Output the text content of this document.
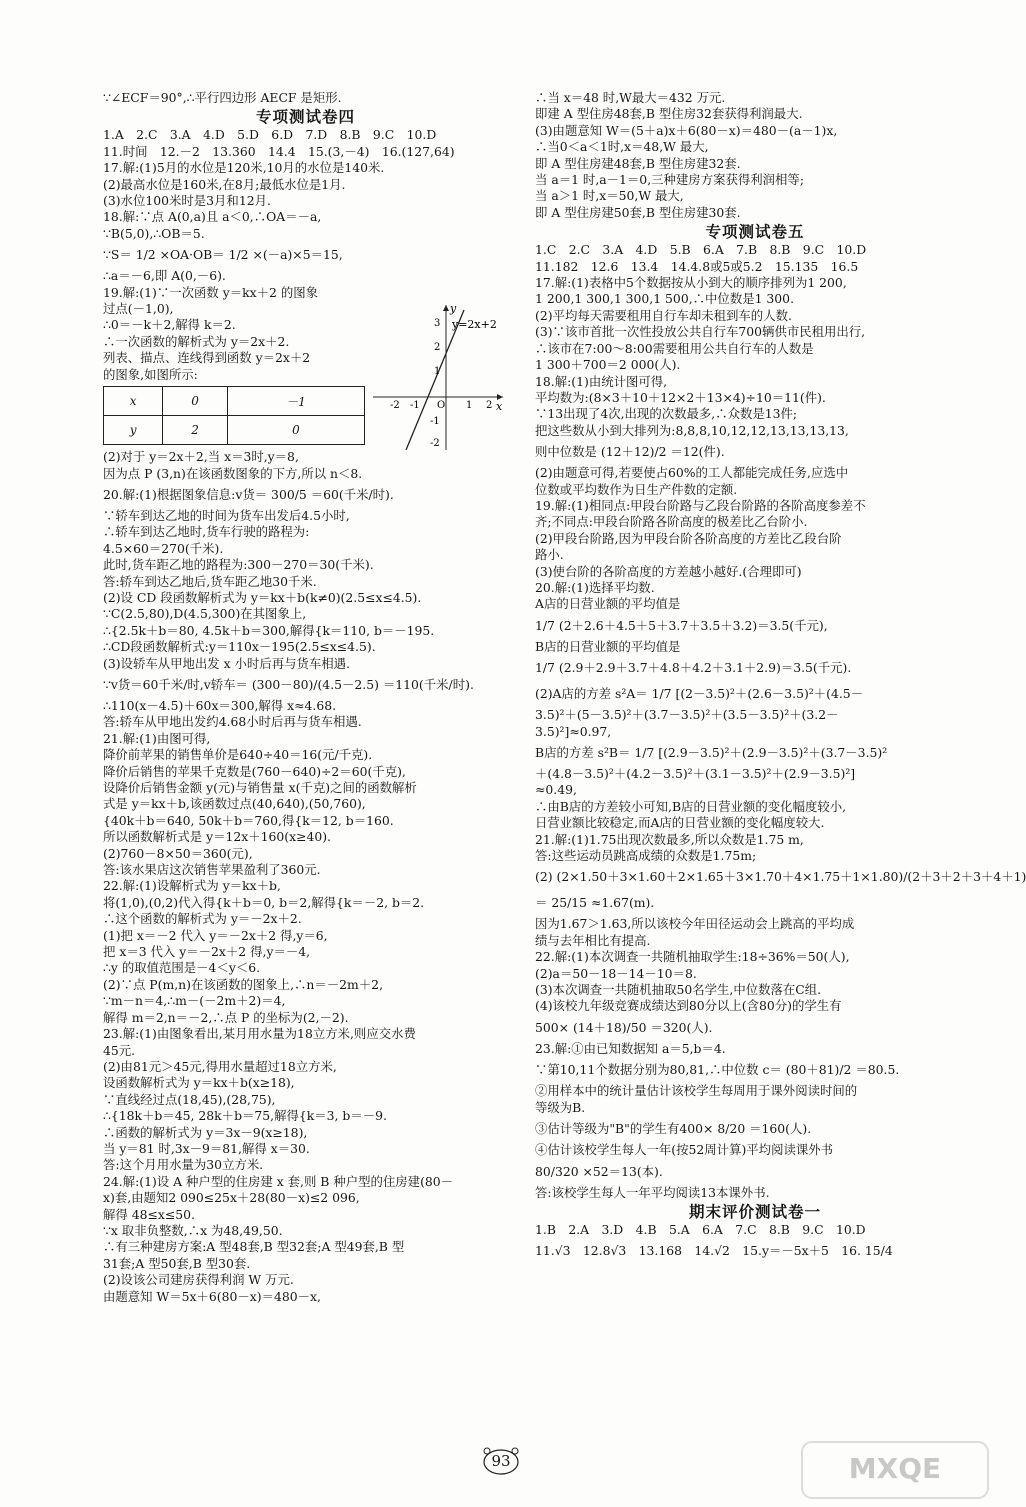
∵∠ECF＝90°,∴平行四边形 AECF 是矩形.
专项测试卷四
1.A　2.C　3.A　4.D　5.D　6.D　7.D　8.B　9.C　10.D
11.时间　12.－2　13.360　14.4　15.(3,－4)　16.(127,64)
17.解:(1)5月的水位是120米,10月的水位是140米.
(2)最高水位是160米,在8月;最低水位是1月.
(3)水位100米时是3月和12月.
18.解:∵点 A(0,a)且 a＜0,∴OA＝－a,
∵B(5,0),∴OB＝5.
∵S＝ 1/2 ×OA·OB＝ 1/2 ×(－a)×5＝15,
∴a＝－6,即 A(0,－6).
19.解:(1)∵一次函数 y＝kx＋2 的图象
过点(－1,0),
∴0＝－k＋2,解得 k＝2.
∴一次函数的解析式为 y＝2x＋2.
列表、描点、连线得到函数 y＝2x＋2
的图象,如图所示:
x	0	－1
y	2	0
(2)对于 y＝2x＋2,当 x＝3时,y＝8,
因为点 P (3,n)在该函数图象的下方,所以 n＜8.
20.解:(1)根据图象信息:v货＝ 300/5 ＝60(千米/时).
∵轿车到达乙地的时间为货车出发后4.5小时,
∴轿车到达乙地时,货车行驶的路程为:
4.5×60＝270(千米).
此时,货车距乙地的路程为:300－270＝30(千米).
答:轿车到达乙地后,货车距乙地30千米.
(2)设 CD 段函数解析式为 y＝kx＋b(k≠0)(2.5≤x≤4.5).
∵C(2.5,80),D(4.5,300)在其图象上,
∴{2.5k＋b＝80, 4.5k＋b＝300,解得{k＝110, b＝－195.
∴CD段函数解析式:y＝110x－195(2.5≤x≤4.5).
(3)设轿车从甲地出发 x 小时后再与货车相遇.
∵v货＝60千米/时,v轿车＝ (300－80)/(4.5－2.5) ＝110(千米/时).
∴110(x－4.5)＋60x＝300,解得 x≈4.68.
答:轿车从甲地出发约4.68小时后再与货车相遇.
21.解:(1)由图可得,
降价前苹果的销售单价是640÷40＝16(元/千克).
降价后销售的苹果千克数是(760－640)÷2＝60(千克),
设降价后销售金额 y(元)与销售量 x(千克)之间的函数解析
式是 y＝kx＋b,该函数过点(40,640),(50,760),
{40k＋b＝640, 50k＋b＝760,得{k＝12, b＝160.
所以函数解析式是 y＝12x＋160(x≥40).
(2)760－8×50＝360(元),
答:该水果店这次销售苹果盈利了360元.
22.解:(1)设解析式为 y＝kx＋b,
将(1,0),(0,2)代入得{k＋b＝0, b＝2,解得{k＝－2, b＝2.
∴这个函数的解析式为 y＝－2x＋2.
(1)把 x＝－2 代入 y＝－2x＋2 得,y＝6,
把 x＝3 代入 y＝－2x＋2 得,y＝－4,
∴y 的取值范围是－4＜y＜6.
(2)∵点 P(m,n)在该函数的图象上,∴n＝－2m＋2,
∵m－n＝4,∴m－(－2m＋2)＝4,
解得 m＝2,n＝－2,∴点 P 的坐标为(2,－2).
23.解:(1)由图象看出,某月用水量为18立方米,则应交水费
45元.
(2)由81元＞45元,得用水量超过18立方米,
设函数解析式为 y＝kx＋b(x≥18),
∵直线经过点(18,45),(28,75),
∴{18k＋b＝45, 28k＋b＝75,解得{k＝3, b＝－9.
∴函数的解析式为 y＝3x－9(x≥18),
当 y＝81 时,3x－9＝81,解得 x＝30.
答:这个月用水量为30立方米.
24.解:(1)设 A 种户型的住房建 x 套,则 B 种户型的住房建(80－
x)套,由题知2 090≤25x＋28(80－x)≤2 096,
解得 48≤x≤50.
∵x 取非负整数,∴x 为48,49,50.
∴有三种建房方案:A 型48套,B 型32套;A 型49套,B 型
31套;A 型50套,B 型30套.
(2)设该公司建房获得利润 W 万元.
由题意知 W＝5x＋6(80－x)＝480－x,
∴当 x＝48 时,W最大＝432 万元.
即建 A 型住房48套,B 型住房32套获得利润最大.
(3)由题意知 W＝(5＋a)x＋6(80－x)＝480－(a－1)x,
∴当0＜a＜1时,x＝48,W 最大,
即 A 型住房建48套,B 型住房建32套.
当 a＝1 时,a－1＝0,三种建房方案获得利润相等;
当 a＞1 时,x＝50,W 最大,
即 A 型住房建50套,B 型住房建30套.
专项测试卷五
1.C　2.C　3.A　4.D　5.B　6.A　7.B　8.B　9.C　10.D
11.182　12.6　13.4　14.4.8或5或5.2　15.135　16.5
17.解:(1)表格中5个数据按从小到大的顺序排列为1 200,
1 200,1 300,1 300,1 500,∴中位数是1 300.
(2)平均每天需要租用自行车却未租到车的人数.
(3)∵该市首批一次性投放公共自行车700辆供市民租用出行,
∴该市在7:00～8:00需要租用公共自行车的人数是
1 300＋700＝2 000(人).
18.解:(1)由统计图可得,
平均数为:(8×3＋10＋12×2＋13×4)÷10＝11(件).
∵13出现了4次,出现的次数最多,∴众数是13件;
把这些数从小到大排列为:8,8,8,10,12,12,13,13,13,13,
则中位数是 (12＋12)/2 ＝12(件).
(2)由题意可得,若要使占60%的工人都能完成任务,应选中
位数或平均数作为日生产件数的定额.
19.解:(1)相同点:甲段台阶路与乙段台阶路的各阶高度参差不
齐;不同点:甲段台阶路各阶高度的极差比乙台阶小.
(2)甲段台阶路,因为甲段台阶各阶高度的方差比乙段台阶
路小.
(3)使台阶的各阶高度的方差越小越好.(合理即可)
20.解:(1)选择平均数.
A店的日营业额的平均值是
1/7 (2＋2.6＋4.5＋5＋3.7＋3.5＋3.2)＝3.5(千元),
B店的日营业额的平均值是
1/7 (2.9＋2.9＋3.7＋4.8＋4.2＋3.1＋2.9)＝3.5(千元).
(2)A店的方差 s²A＝ 1/7 [(2－3.5)²＋(2.6－3.5)²＋(4.5－
3.5)²＋(5－3.5)²＋(3.7－3.5)²＋(3.5－3.5)²＋(3.2－
3.5)²]≈0.97,
B店的方差 s²B＝ 1/7 [(2.9－3.5)²＋(2.9－3.5)²＋(3.7－3.5)²
＋(4.8－3.5)²＋(4.2－3.5)²＋(3.1－3.5)²＋(2.9－3.5)²]
≈0.49,
∴由B店的方差较小可知,B店的日营业额的变化幅度较小,
日营业额比较稳定,而A店的日营业额的变化幅度较大.
21.解:(1)1.75出现次数最多,所以众数是1.75 m,
答:这些运动员跳高成绩的众数是1.75m;
(2) (2×1.50＋3×1.60＋2×1.65＋3×1.70＋4×1.75＋1×1.80)/(2＋3＋2＋3＋4＋1)
＝ 25/15 ≈1.67(m).
因为1.67＞1.63,所以该校今年田径运动会上跳高的平均成
绩与去年相比有提高.
22.解:(1)本次调查一共随机抽取学生:18÷36%＝50(人),
(2)a＝50－18－14－10＝8.
(3)本次调查一共随机抽取50名学生,中位数落在C组.
(4)该校九年级竞赛成绩达到80分以上(含80分)的学生有
500× (14＋18)/50 ＝320(人).
23.解:①由已知数据知 a＝5,b＝4.
∵第10,11个数据分别为80,81,∴中位数 c＝ (80＋81)/2 ＝80.5.
②用样本中的统计量估计该校学生每周用于课外阅读时间的
等级为B.
③估计等级为"B"的学生有400× 8/20 ＝160(人).
④估计该校学生每人一年(按52周计算)平均阅读课外书
80/320 ×52＝13(本).
答:该校学生每人一年平均阅读13本课外书.
期末评价测试卷一
1.B　2.A　3.D　4.B　5.A　6.A　7.C　8.B　9.C　10.D
11.√3　12.8√3　13.168　14.√2　15.y＝－5x＋5　16. 15/4
y=2x+2
x
y
O
-2 -1	1 2
3
2
1
-1
-2
93	MXQE
